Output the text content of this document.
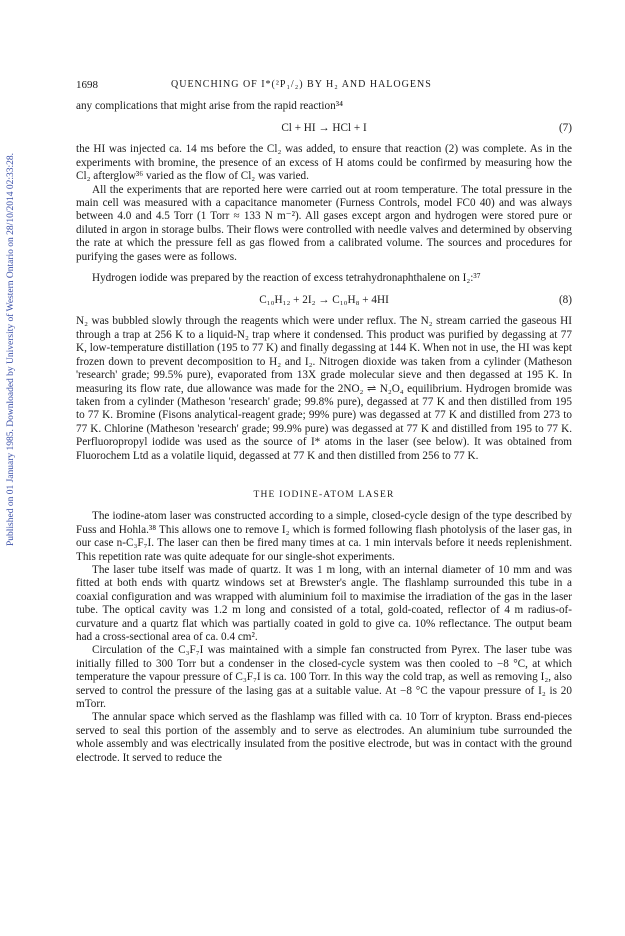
Published on 01 January 1985. Downloaded by University of Western Ontario on 28/10/2014 02:33:28.
1698	QUENCHING OF I*(²P₁/₂) BY H₂ AND HALOGENS

any complications that might arise from the rapid reaction³⁴

Cl + HI → HCl + I	(7)

the HI was injected ca. 14 ms before the Cl₂ was added, to ensure that reaction (2) was complete. As in the experiments with bromine, the presence of an excess of H atoms could be confirmed by measuring how the Cl₂ afterglow³⁶ varied as the flow of Cl₂ was varied.

All the experiments that are reported here were carried out at room temperature. The total pressure in the main cell was measured with a capacitance manometer (Furness Controls, model FC0 40) and was always between 4.0 and 4.5 Torr (1 Torr ≈ 133 N m⁻²). All gases except argon and hydrogen were stored pure or diluted in argon in storage bulbs. Their flows were controlled with needle valves and determined by observing the rate at which the pressure fell as gas flowed from a calibrated volume. The sources and procedures for purifying the gases were as follows.

Hydrogen iodide was prepared by the reaction of excess tetrahydronaphthalene on I₂:³⁷

C₁₀H₁₂ + 2I₂ → C₁₀H₈ + 4HI	(8)

N₂ was bubbled slowly through the reagents which were under reflux. The N₂ stream carried the gaseous HI through a trap at 256 K to a liquid-N₂ trap where it condensed. This product was purified by degassing at 77 K, low-temperature distillation (195 to 77 K) and finally degassing at 144 K. When not in use, the HI was kept frozen down to prevent decomposition to H₂ and I₂. Nitrogen dioxide was taken from a cylinder (Matheson 'research' grade; 99.5% pure), evaporated from 13X grade molecular sieve and then degassed at 195 K. In measuring its flow rate, due allowance was made for the 2NO₂ ⇌ N₂O₄ equilibrium. Hydrogen bromide was taken from a cylinder (Matheson 'research' grade; 99.8% pure), degassed at 77 K and then distilled from 195 to 77 K. Bromine (Fisons analytical-reagent grade; 99% pure) was degassed at 77 K and distilled from 273 to 77 K. Chlorine (Matheson 'research' grade; 99.9% pure) was degassed at 77 K and distilled from 195 to 77 K. Perfluoropropyl iodide was used as the source of I* atoms in the laser (see below). It was obtained from Fluorochem Ltd as a volatile liquid, degassed at 77 K and then distilled from 256 to 77 K.

THE IODINE-ATOM LASER

The iodine-atom laser was constructed according to a simple, closed-cycle design of the type described by Fuss and Hohla.³⁸ This allows one to remove I₂ which is formed following flash photolysis of the laser gas, in our case n-C₃F₇I. The laser can then be fired many times at ca. 1 min intervals before it needs replenishment. This repetition rate was quite adequate for our single-shot experiments.

The laser tube itself was made of quartz. It was 1 m long, with an internal diameter of 10 mm and was fitted at both ends with quartz windows set at Brewster's angle. The flashlamp surrounded this tube in a coaxial configuration and was wrapped with aluminium foil to maximise the irradiation of the gas in the laser tube. The optical cavity was 1.2 m long and consisted of a total, gold-coated, reflector of 4 m radius-of-curvature and a quartz flat which was partially coated in gold to give ca. 10% reflectance. The output beam had a cross-sectional area of ca. 0.4 cm².

Circulation of the C₃F₇I was maintained with a simple fan constructed from Pyrex. The laser tube was initially filled to 300 Torr but a condenser in the closed-cycle system was then cooled to −8 °C, at which temperature the vapour pressure of C₃F₇I is ca. 100 Torr. In this way the cold trap, as well as removing I₂, also served to control the pressure of the lasing gas at a suitable value. At −8 °C the vapour pressure of I₂ is 20 mTorr.

The annular space which served as the flashlamp was filled with ca. 10 Torr of krypton. Brass end-pieces served to seal this portion of the assembly and to serve as electrodes. An aluminium tube surrounded the whole assembly and was electrically insulated from the positive electrode, but was in contact with the ground electrode. It served to reduce the
